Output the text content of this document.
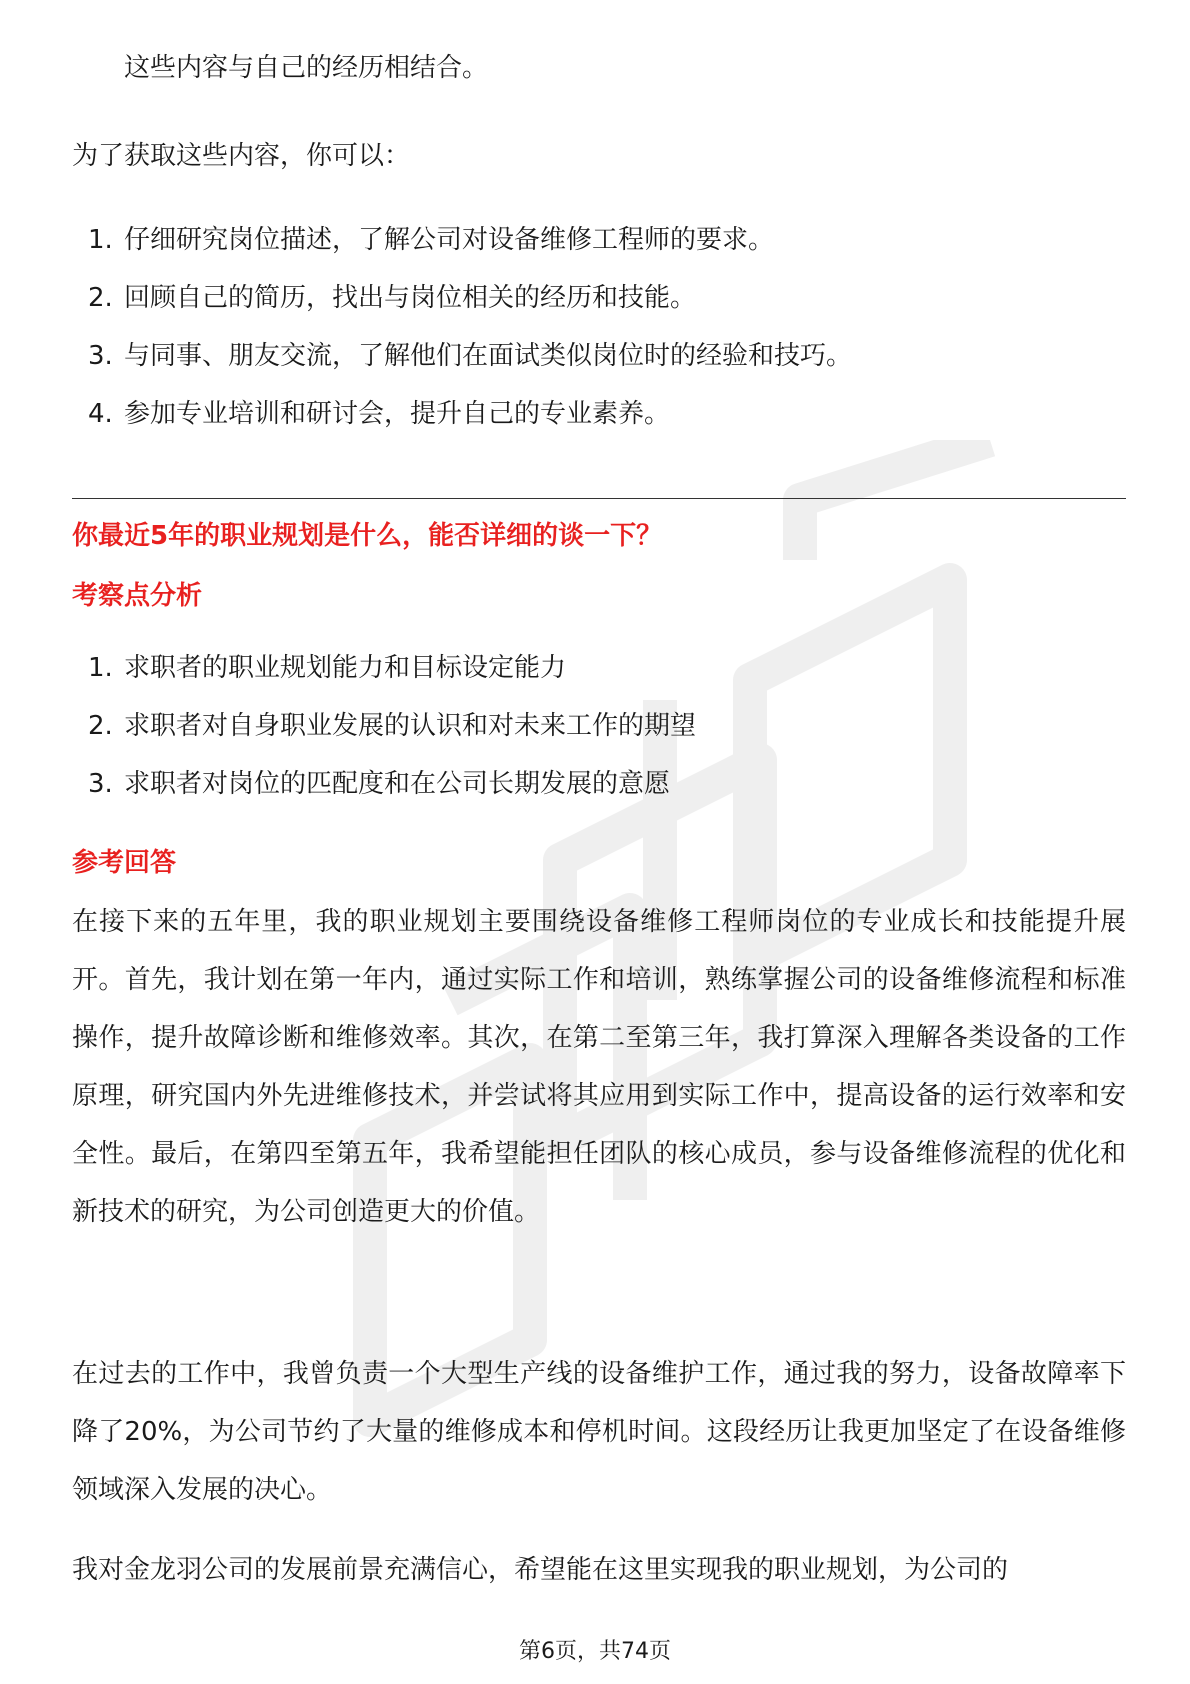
这些内容与自己的经历相结合。
为了获取这些内容，你可以：
1. 仔细研究岗位描述，了解公司对设备维修工程师的要求。
2. 回顾自己的简历，找出与岗位相关的经历和技能。
3. 与同事、朋友交流，了解他们在面试类似岗位时的经验和技巧。
4. 参加专业培训和研讨会，提升自己的专业素养。
你最近5年的职业规划是什么，能否详细的谈一下？
考察点分析
1. 求职者的职业规划能力和目标设定能力
2. 求职者对自身职业发展的认识和对未来工作的期望
3. 求职者对岗位的匹配度和在公司长期发展的意愿
参考回答

在接下来的五年里，我的职业规划主要围绕设备维修工程师岗位的专业成长和技能提升展开。首先，我计划在第一年内，通过实际工作和培训，熟练掌握公司的设备维修流程和标准操作，提升故障诊断和维修效率。其次，在第二至第三年，我打算深入理解各类设备的工作原理，研究国内外先进维修技术，并尝试将其应用到实际工作中，提高设备的运行效率和安全性。最后，在第四至第五年，我希望能担任团队的核心成员，参与设备维修流程的优化和新技术的研究，为公司创造更大的价值。

在过去的工作中，我曾负责一个大型生产线的设备维护工作，通过我的努力，设备故障率下降了20%，为公司节约了大量的维修成本和停机时间。这段经历让我更加坚定了在设备维修领域深入发展的决心。

我对金龙羽公司的发展前景充满信心，希望能在这里实现我的职业规划，为公司的

第6页，共74页
